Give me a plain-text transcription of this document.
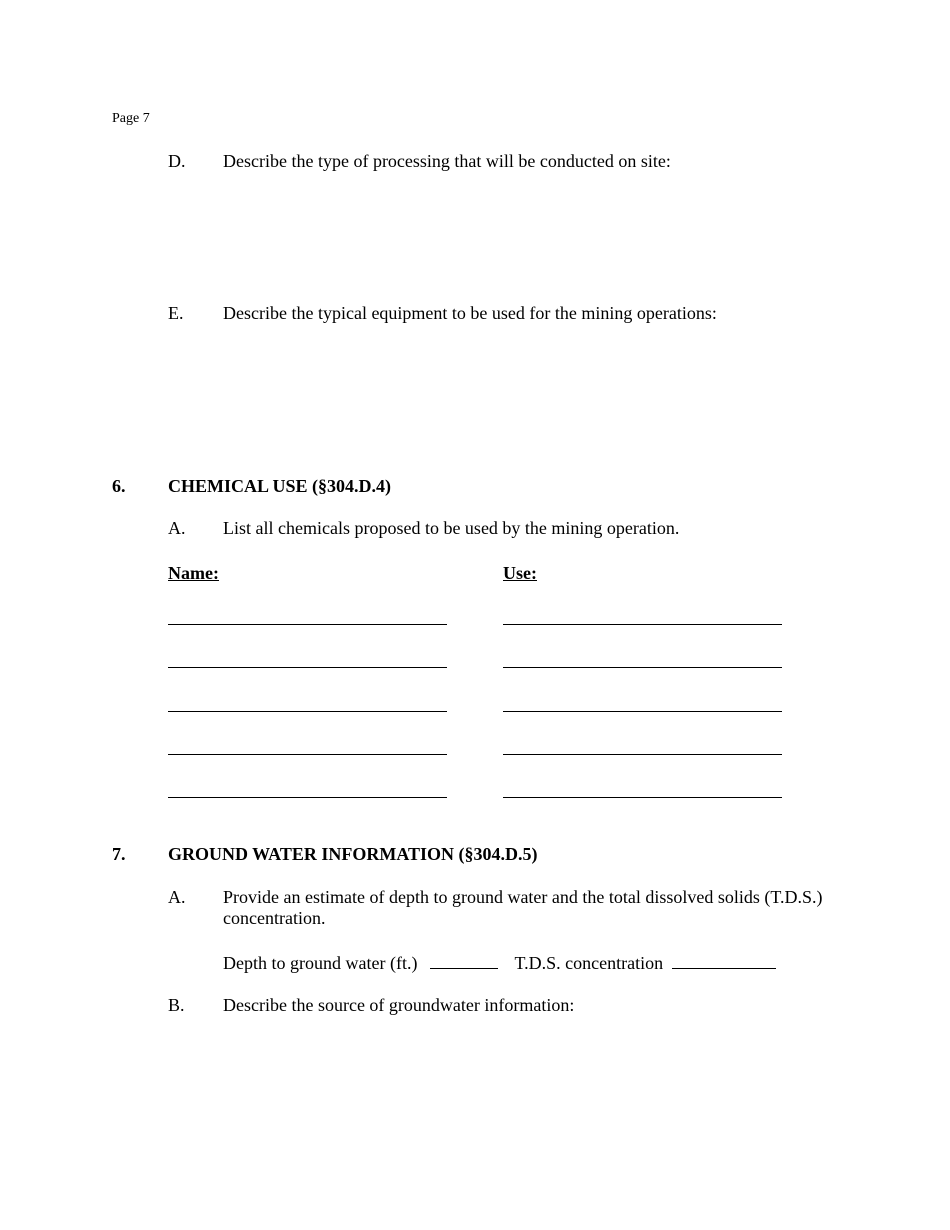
Page 7
D. Describe the type of processing that will be conducted on site:
E. Describe the typical equipment to be used for the mining operations:
6. CHEMICAL USE (§304.D.4)
A. List all chemicals proposed to be used by the mining operation.
Name:	Use:
7. GROUND WATER INFORMATION (§304.D.5)
A. Provide an estimate of depth to ground water and the total dissolved solids (T.D.S.)
concentration.
Depth to ground water (ft.)	T.D.S. concentration
B. Describe the source of groundwater information:
